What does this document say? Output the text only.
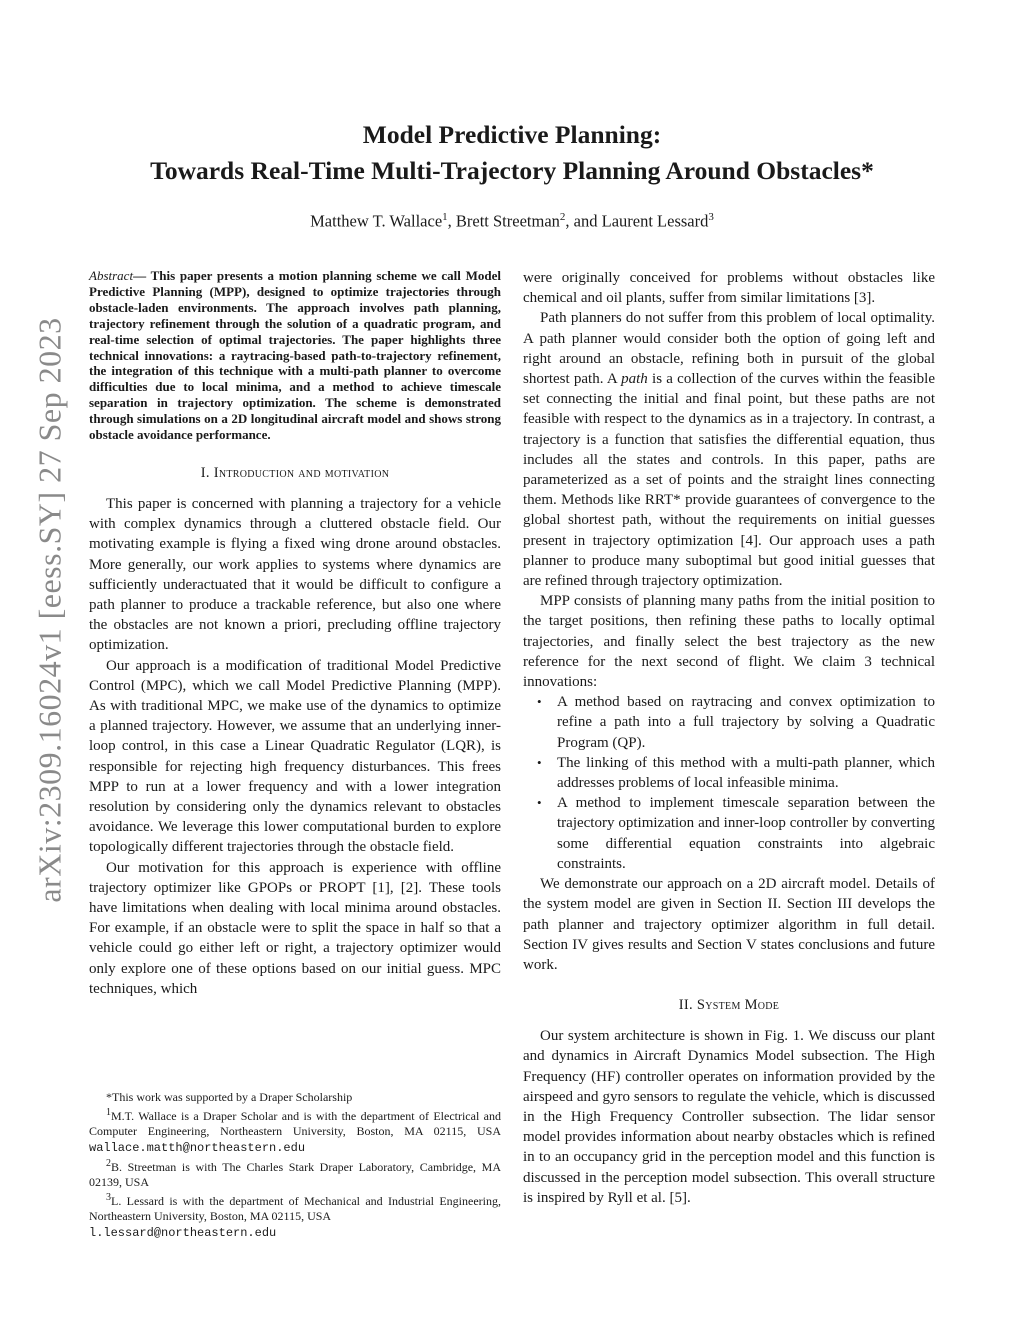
arXiv:2309.16024v1 [eess.SY] 27 Sep 2023
Model Predictive Planning:
Towards Real-Time Multi-Trajectory Planning Around Obstacles*
Matthew T. Wallace$^1$, Brett Streetman$^2$, and Laurent Lessard$^3$

Abstract— This paper presents a motion planning scheme we call Model Predictive Planning (MPP), designed to optimize trajectories through obstacle-laden environments. The approach involves path planning, trajectory refinement through the solution of a quadratic program, and real-time selection of optimal trajectories. The paper highlights three technical innovations: a raytracing-based path-to-trajectory refinement, the integration of this technique with a multi-path planner to overcome difficulties due to local minima, and a method to achieve timescale separation in trajectory optimization. The scheme is demonstrated through simulations on a 2D longitudinal aircraft model and shows strong obstacle avoidance performance.

I. Introduction and motivation

This paper is concerned with planning a trajectory for a vehicle with complex dynamics through a cluttered obstacle field. Our motivating example is flying a fixed wing drone around obstacles. More generally, our work applies to systems where dynamics are sufficiently underactuated that it would be difficult to configure a path planner to produce a trackable reference, but also one where the obstacles are not known a priori, precluding offline trajectory optimization.

Our approach is a modification of traditional Model Predictive Control (MPC), which we call Model Predictive Planning (MPP). As with traditional MPC, we make use of the dynamics to optimize a planned trajectory. However, we assume that an underlying inner-loop control, in this case a Linear Quadratic Regulator (LQR), is responsible for rejecting high frequency disturbances. This frees MPP to run at a lower frequency and with a lower integration resolution by considering only the dynamics relevant to obstacles avoidance. We leverage this lower computational burden to explore topologically different trajectories through the obstacle field.

Our motivation for this approach is experience with offline trajectory optimizer like GPOPs or PROPT [1], [2]. These tools have limitations when dealing with local minima around obstacles. For example, if an obstacle were to split the space in half so that a vehicle could go either left or right, a trajectory optimizer would only explore one of these options based on our initial guess. MPC techniques, which

*This work was supported by a Draper Scholarship

$^1$M.T. Wallace is a Draper Scholar and is with the department of Electrical and Computer Engineering, Northeastern University, Boston, MA 02115, USA wallace.matth@northeastern.edu

$^2$B. Streetman is with The Charles Stark Draper Laboratory, Cambridge, MA 02139, USA

$^3$L. Lessard is with the department of Mechanical and Industrial Engineering, Northeastern University, Boston, MA 02115, USA
l.lessard@northeastern.edu

were originally conceived for problems without obstacles like chemical and oil plants, suffer from similar limitations [3].

Path planners do not suffer from this problem of local optimality. A path planner would consider both the option of going left and right around an obstacle, refining both in pursuit of the global shortest path. A path is a collection of the curves within the feasible set connecting the initial and final point, but these paths are not feasible with respect to the dynamics as in a trajectory. In contrast, a trajectory is a function that satisfies the differential equation, thus includes all the states and controls. In this paper, paths are parameterized as a set of points and the straight lines connecting them. Methods like RRT* provide guarantees of convergence to the global shortest path, without the requirements on initial guesses present in trajectory optimization [4]. Our approach uses a path planner to produce many suboptimal but good initial guesses that are refined through trajectory optimization.

MPP consists of planning many paths from the initial position to the target positions, then refining these paths to locally optimal trajectories, and finally select the best trajectory as the new reference for the next second of flight. We claim 3 technical innovations:

• A method based on raytracing and convex optimization to refine a path into a full trajectory by solving a Quadratic Program (QP).
• The linking of this method with a multi-path planner, which addresses problems of local infeasible minima.
• A method to implement timescale separation between the trajectory optimization and inner-loop controller by converting some differential equation constraints into algebraic constraints.

We demonstrate our approach on a 2D aircraft model. Details of the system model are given in Section II. Section III develops the path planner and trajectory optimizer algorithm in full detail. Section IV gives results and Section V states conclusions and future work.

II. System Mode

Our system architecture is shown in Fig. 1. We discuss our plant and dynamics in Aircraft Dynamics Model subsection. The High Frequency (HF) controller operates on information provided by the airspeed and gyro sensors to regulate the vehicle, which is discussed in the High Frequency Controller subsection. The lidar sensor model provides information about nearby obstacles which is refined in to an occupancy grid in the perception model and this function is discussed in the perception model subsection. This overall structure is inspired by Ryll et al. [5].
